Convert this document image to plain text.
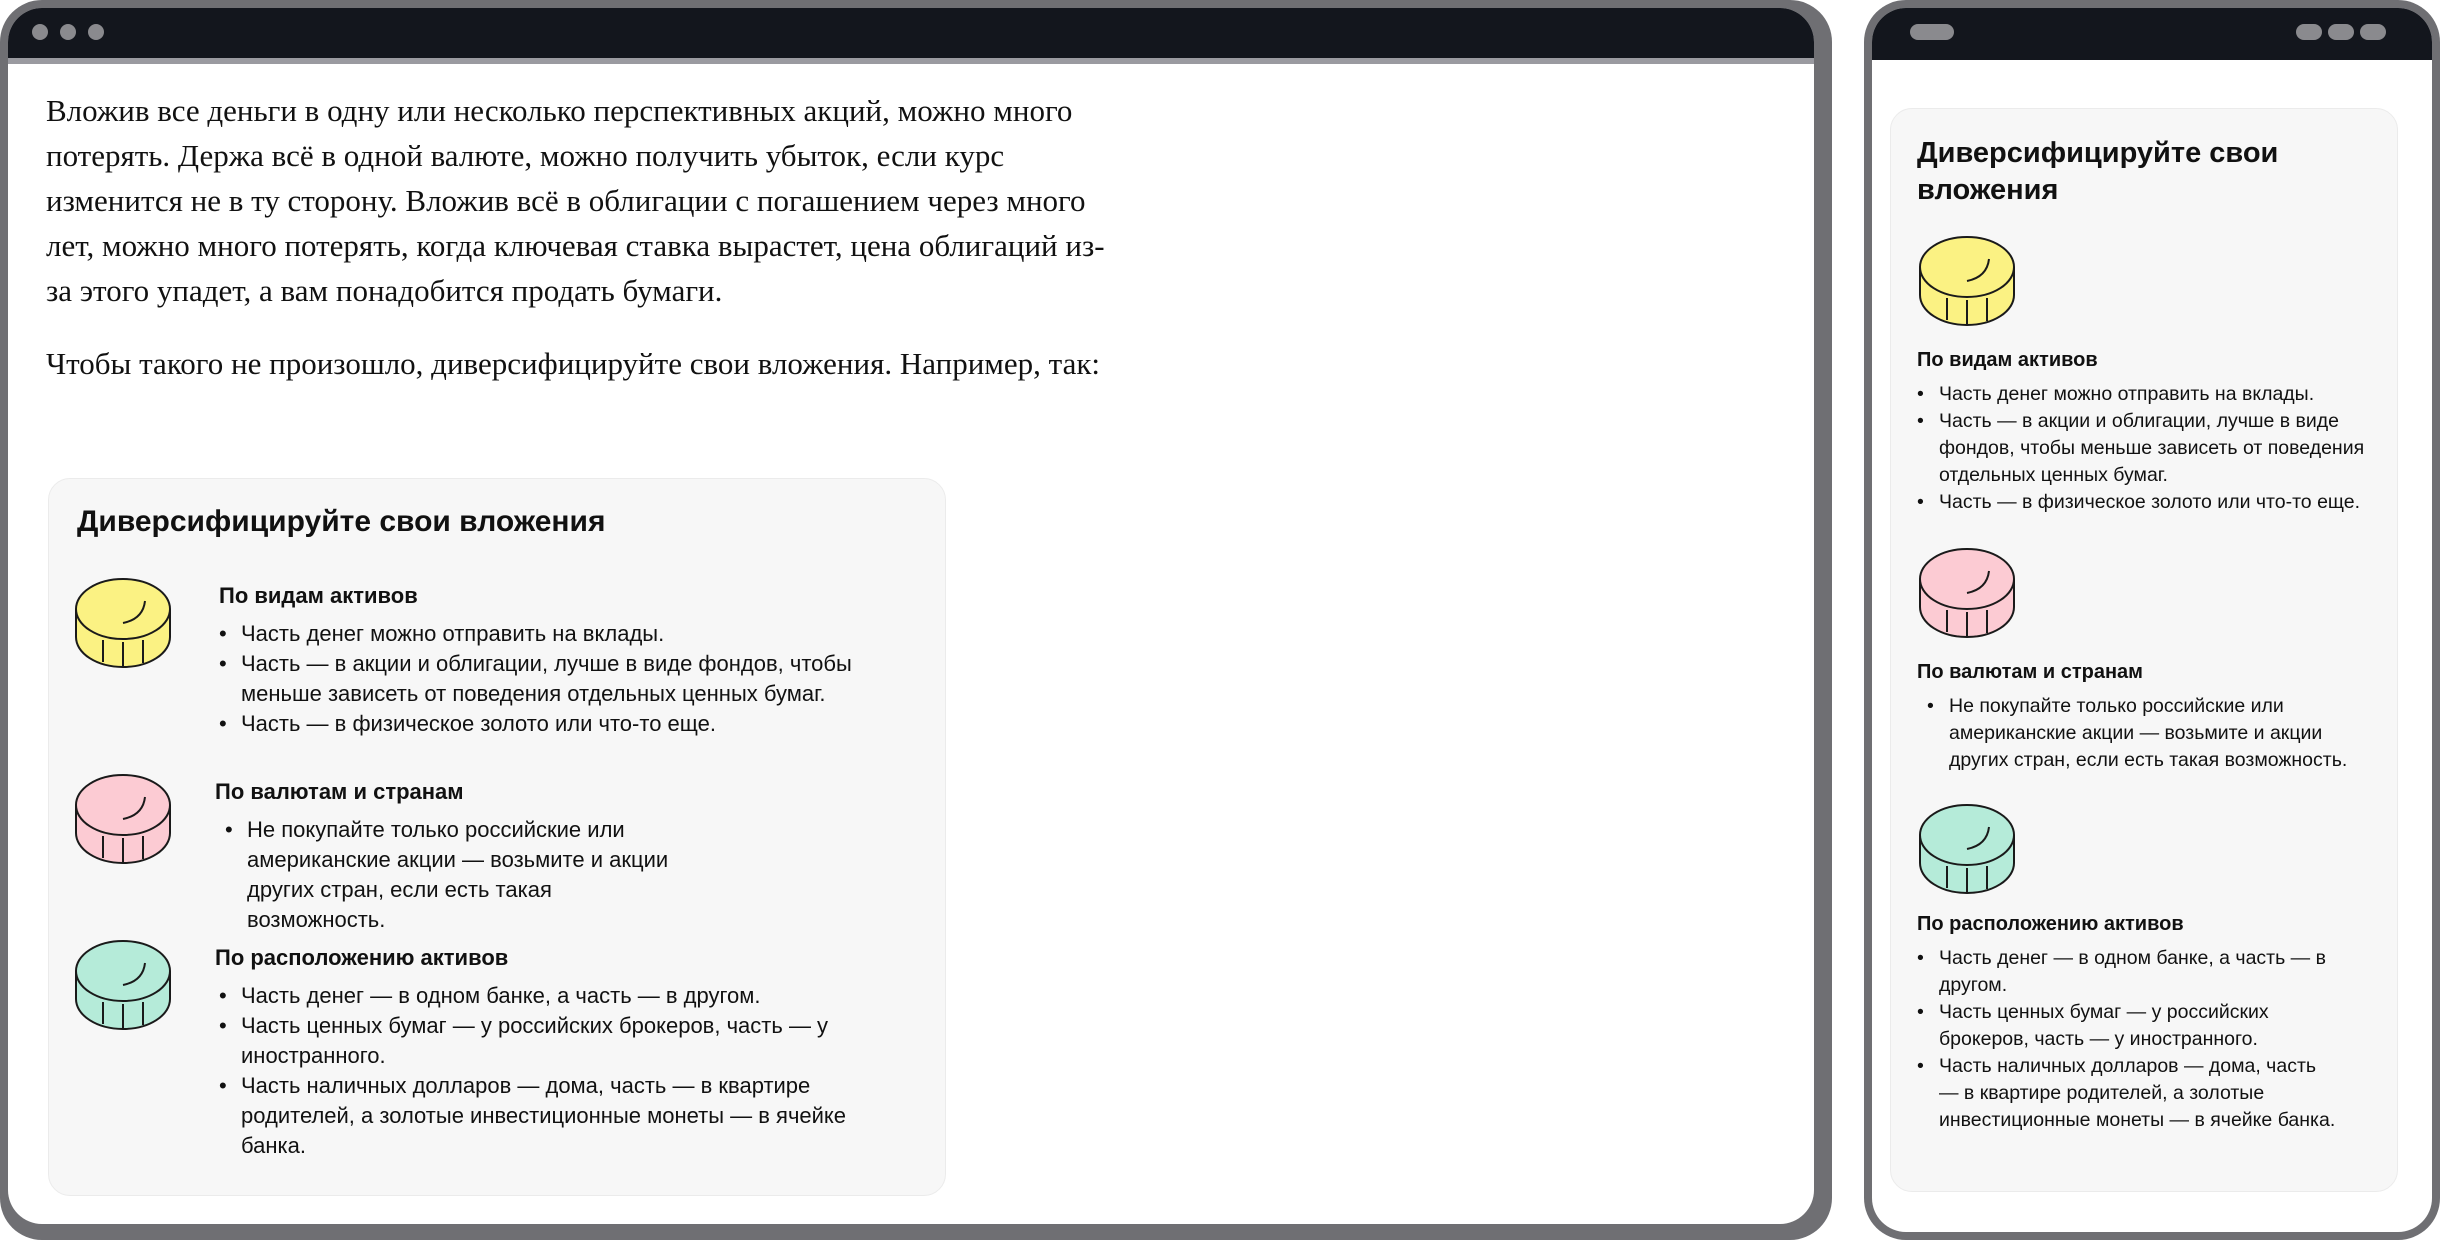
Вложив все деньги в одну или несколько перспективных акций, можно много потерять. Держа всё в одной валюте, можно получить убыток, если курс изменится не в ту сторону. Вложив всё в облигации с погашением через много лет, можно много потерять, когда ключевая ставка вырастет, цена облигаций из-за этого упадет, а вам понадобится продать бумаги.

Чтобы такого не произошло, диверсифицируйте свои вложения. Например, так:

Диверсифицируйте свои вложения
По видам активов
• Часть денег можно отправить на вклады.
• Часть — в акции и облигации, лучше в виде фондов, чтобы меньше зависеть от поведения отдельных ценных бумаг.
• Часть — в физическое золото или что-то еще.
По валютам и странам
• Не покупайте только российские или американские акции — возьмите и акции других стран, если есть такая возможность.
По расположению активов
• Часть денег — в одном банке, а часть — в другом.
• Часть ценных бумаг — у российских брокеров, часть — у иностранного.
• Часть наличных долларов — дома, часть — в квартире родителей, а золотые инвестиционные монеты — в ячейке банка.
Диверсифицируйте свои вложения
По видам активов
• Часть денег можно отправить на вклады.
• Часть — в акции и облигации, лучше в виде фондов, чтобы меньше зависеть от поведения отдельных ценных бумаг.
• Часть — в физическое золото или что-то еще.
По валютам и странам
• Не покупайте только российские или американские акции — возьмите и акции других стран, если есть такая возможность.
По расположению активов
• Часть денег — в одном банке, а часть — в другом.
• Часть ценных бумаг — у российских брокеров, часть — у иностранного.
• Часть наличных долларов — дома, часть — в квартире родителей, а золотые инвестиционные монеты — в ячейке банка.
